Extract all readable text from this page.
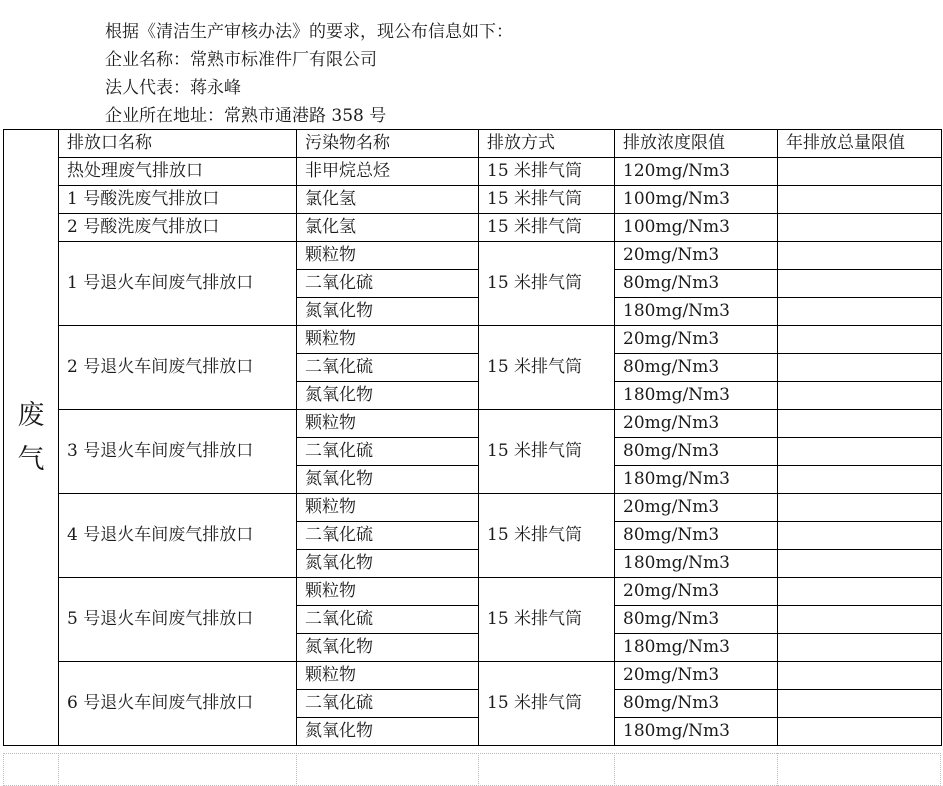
根据《清洁生产审核办法》的要求，现公布信息如下：
企业名称：常熟市标准件厂有限公司
法人代表：蒋永峰
企业所在地址：常熟市通港路 358 号
废气	排放口名称	污染物名称	排放方式	排放浓度限值	年排放总量限值
	热处理废气排放口	非甲烷总烃	15 米排气筒	120mg/Nm3	
	1 号酸洗废气排放口	氯化氢	15 米排气筒	100mg/Nm3	
	2 号酸洗废气排放口	氯化氢	15 米排气筒	100mg/Nm3	
	1 号退火车间废气排放口	颗粒物	15 米排气筒	20mg/Nm3	
		二氧化硫		80mg/Nm3	
		氮氧化物		180mg/Nm3	
	2 号退火车间废气排放口	颗粒物	15 米排气筒	20mg/Nm3	
		二氧化硫		80mg/Nm3	
		氮氧化物		180mg/Nm3	
	3 号退火车间废气排放口	颗粒物	15 米排气筒	20mg/Nm3	
		二氧化硫		80mg/Nm3	
		氮氧化物		180mg/Nm3	
	4 号退火车间废气排放口	颗粒物	15 米排气筒	20mg/Nm3	
		二氧化硫		80mg/Nm3	
		氮氧化物		180mg/Nm3	
	5 号退火车间废气排放口	颗粒物	15 米排气筒	20mg/Nm3	
		二氧化硫		80mg/Nm3	
		氮氧化物		180mg/Nm3	
	6 号退火车间废气排放口	颗粒物	15 米排气筒	20mg/Nm3	
		二氧化硫		80mg/Nm3	
		氮氧化物		180mg/Nm3	
